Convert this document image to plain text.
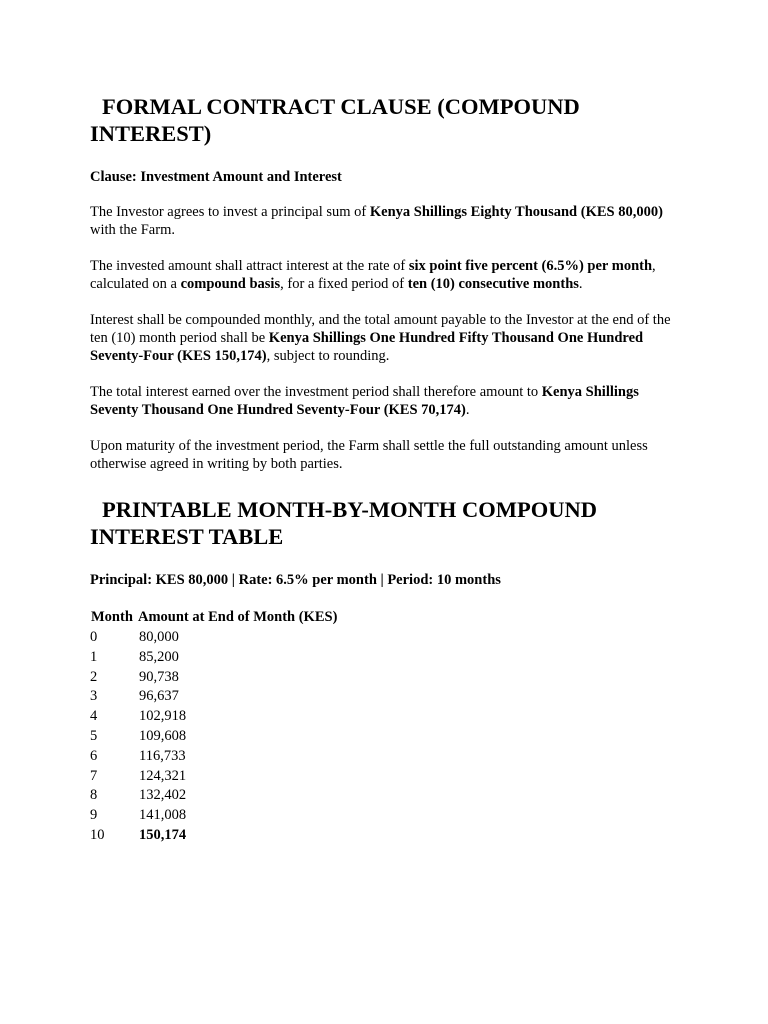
FORMAL CONTRACT CLAUSE (COMPOUND INTEREST)

Clause: Investment Amount and Interest

The Investor agrees to invest a principal sum of Kenya Shillings Eighty Thousand (KES 80,000) with the Farm.

The invested amount shall attract interest at the rate of six point five percent (6.5%) per month, calculated on a compound basis, for a fixed period of ten (10) consecutive months.

Interest shall be compounded monthly, and the total amount payable to the Investor at the end of the ten (10) month period shall be Kenya Shillings One Hundred Fifty Thousand One Hundred Seventy-Four (KES 150,174), subject to rounding.

The total interest earned over the investment period shall therefore amount to Kenya Shillings Seventy Thousand One Hundred Seventy-Four (KES 70,174).

Upon maturity of the investment period, the Farm shall settle the full outstanding amount unless otherwise agreed in writing by both parties.

PRINTABLE MONTH-BY-MONTH COMPOUND INTEREST TABLE

Principal: KES 80,000 | Rate: 6.5% per month | Period: 10 months

Month	Amount at End of Month (KES)
0	80,000
1	85,200
2	90,738
3	96,637
4	102,918
5	109,608
6	116,733
7	124,321
8	132,402
9	141,008
10	150,174
